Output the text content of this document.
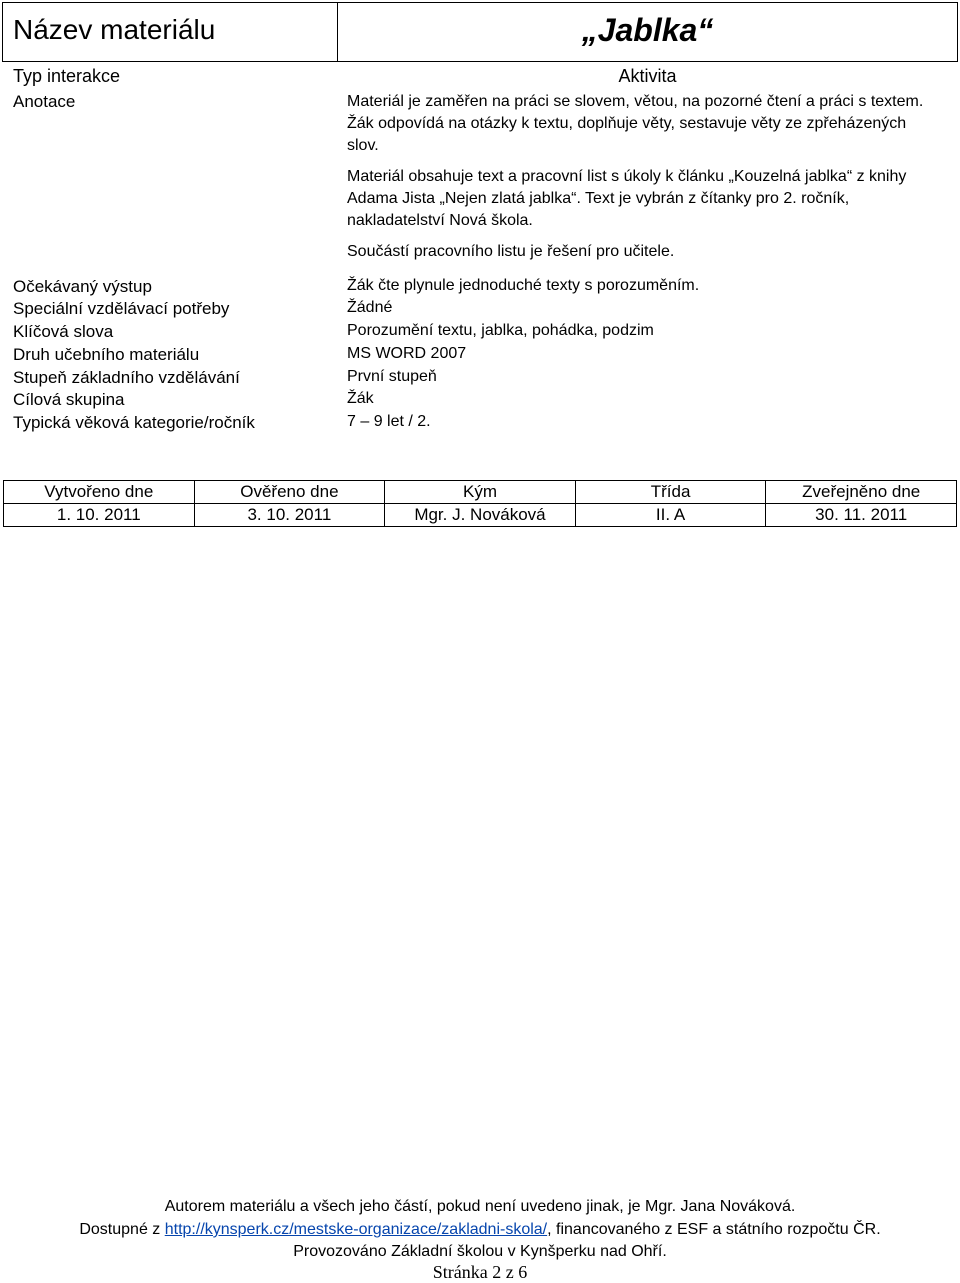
Název materiálu	„Jablka“
Typ interakce	Aktivita
Anotace	Materiál je zaměřen na práci se slovem, větou, na pozorné čtení a práci s textem. Žák odpovídá na otázky k textu, doplňuje věty, sestavuje věty ze zpřeházených slov.

Materiál obsahuje text a pracovní list s úkoly k článku „Kouzelná jablka“ z knihy Adama Jista „Nejen zlatá jablka“. Text je vybrán z čítanky pro 2. ročník, nakladatelství Nová škola.

Součástí pracovního listu je řešení pro učitele.

Očekávaný výstup	Žák čte plynule jednoduché texty s porozuměním.
Speciální vzdělávací potřeby	Žádné
Klíčová slova	Porozumění textu, jablka, pohádka, podzim
Druh učebního materiálu	MS WORD 2007
Stupeň základního vzdělávání	První stupeň
Cílová skupina	Žák
Typická věková kategorie/ročník	7 – 9 let / 2.
Vytvořeno dne	Ověřeno dne	Kým	Třída	Zveřejněno dne
1. 10. 2011	3. 10. 2011	Mgr. J. Nováková	II. A	30. 11. 2011
Autorem materiálu a všech jeho částí, pokud není uvedeno jinak, je Mgr. Jana Nováková.
Dostupné z http://kynsperk.cz/mestske-organizace/zakladni-skola/, financovaného z ESF a státního rozpočtu ČR.
Provozováno Základní školou v Kynšperku nad Ohří.
Stránka 2 z 6
